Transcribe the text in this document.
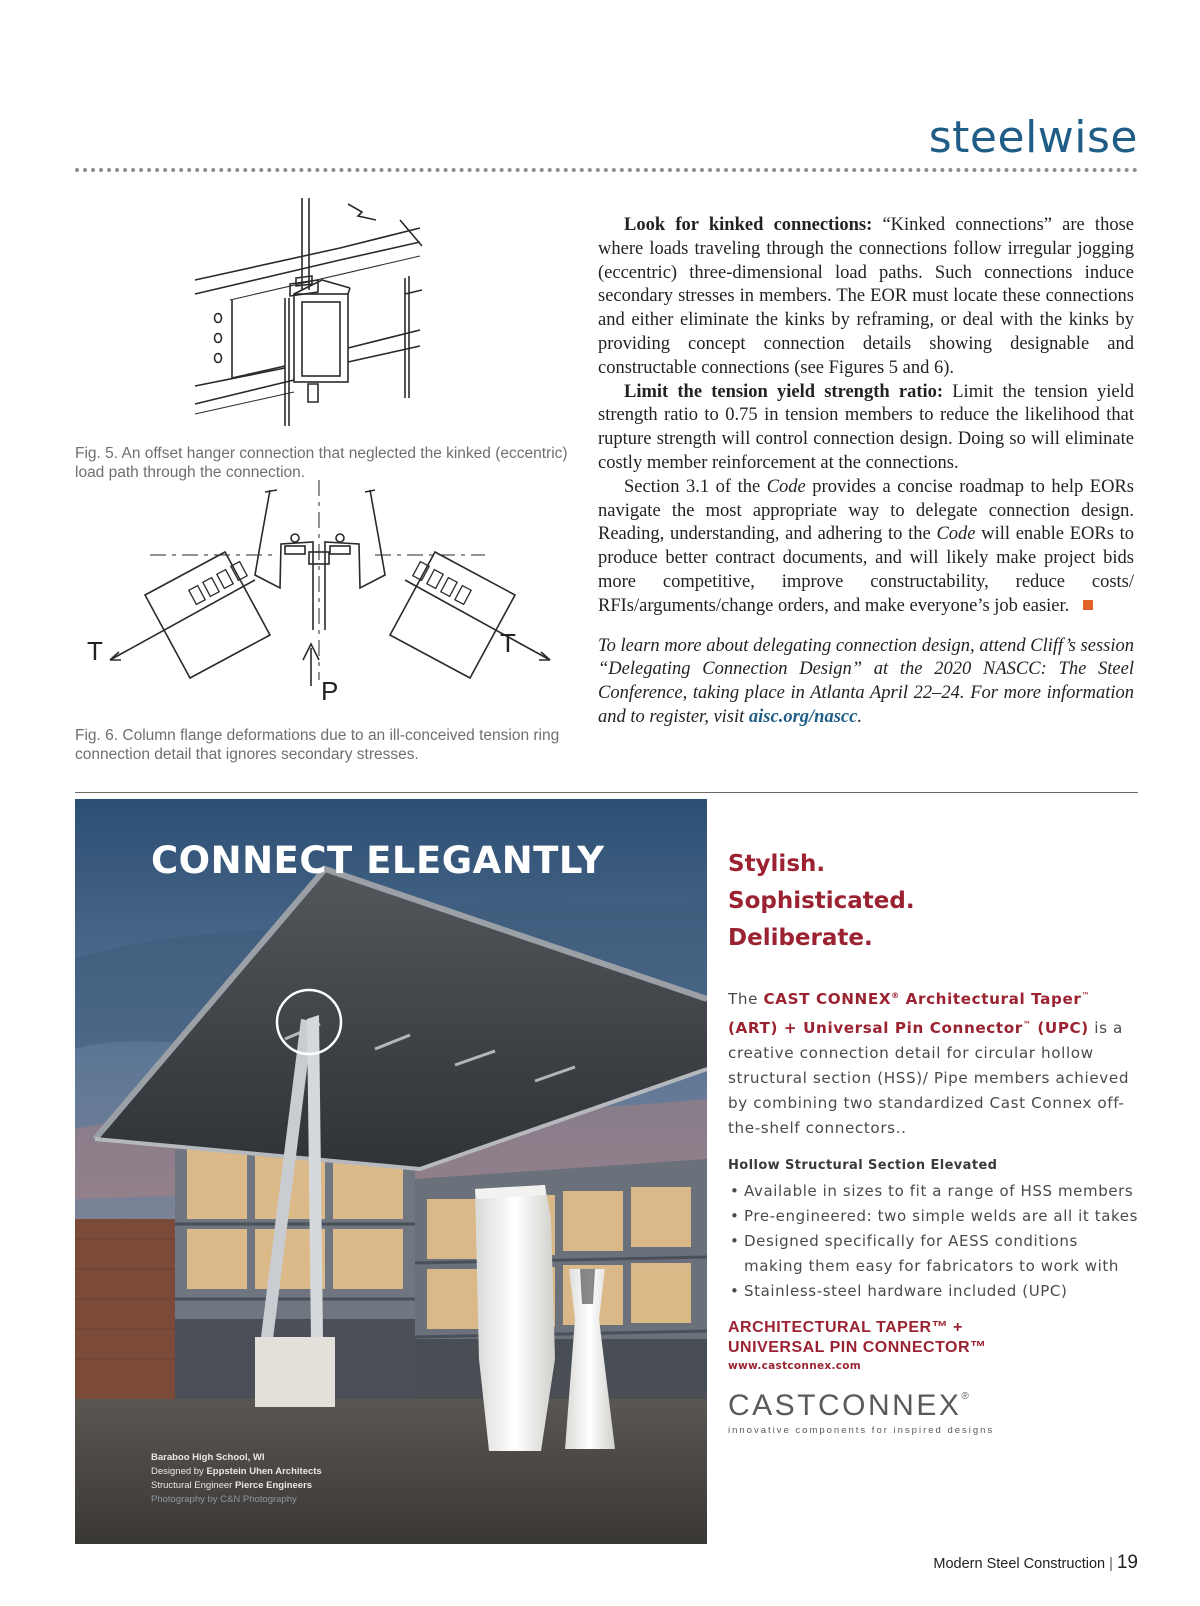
steelwise
Fig. 5. An offset hanger connection that neglected the kinked (eccentric) load path through the connection.
T	T
P
Fig. 6. Column flange deformations due to an ill-conceived tension ring connection detail that ignores secondary stresses.

Look for kinked connections: “Kinked connections” are those where loads traveling through the connections follow irregular jogging (eccentric) three-dimensional load paths. Such connections induce secondary stresses in members. The EOR must locate these connections and either eliminate the kinks by reframing, or deal with the kinks by providing concept connection details showing designable and constructable connections (see Figures 5 and 6).

Limit the tension yield strength ratio: Limit the tension yield strength ratio to 0.75 in tension members to reduce the likelihood that rupture strength will control connection design. Doing so will eliminate costly member reinforcement at the connections.

Section 3.1 of the Code provides a concise roadmap to help EORs navigate the most appropriate way to delegate connection design. Reading, understanding, and adhering to the Code will enable EORs to produce better contract documents, and will likely make project bids more competitive, improve constructability, reduce costs/ RFIs/arguments/change orders, and make everyone’s job easier.

To learn more about delegating connection design, attend Cliff’s session “Delegating Connection Design” at the 2020 NASCC: The Steel Conference, taking place in Atlanta April 22–24. For more information and to register, visit aisc.org/nascc.

CONNECT ELEGANTLY
Baraboo High School, WI
Designed by Eppstein Uhen Architects
Structural Engineer Pierce Engineers
Photography by C&N Photography
Stylish.
Sophisticated.
Deliberate.
The CAST CONNEX® Architectural Taper™ (ART) + Universal Pin Connector™ (UPC) is a creative connection detail for circular hollow structural section (HSS)/ Pipe members achieved by combining two standardized Cast Connex off-the-shelf connectors..
Hollow Structural Section Elevated
• Available in sizes to fit a range of HSS members
• Pre-engineered: two simple welds are all it takes
• Designed specifically for AESS conditions making them easy for fabricators to work with
• Stainless-steel hardware included (UPC)
ARCHITECTURAL TAPER™ +
UNIVERSAL PIN CONNECTOR™
www.castconnex.com
CASTCONNEX®
innovative components for inspired designs
Modern Steel Construction | 19
